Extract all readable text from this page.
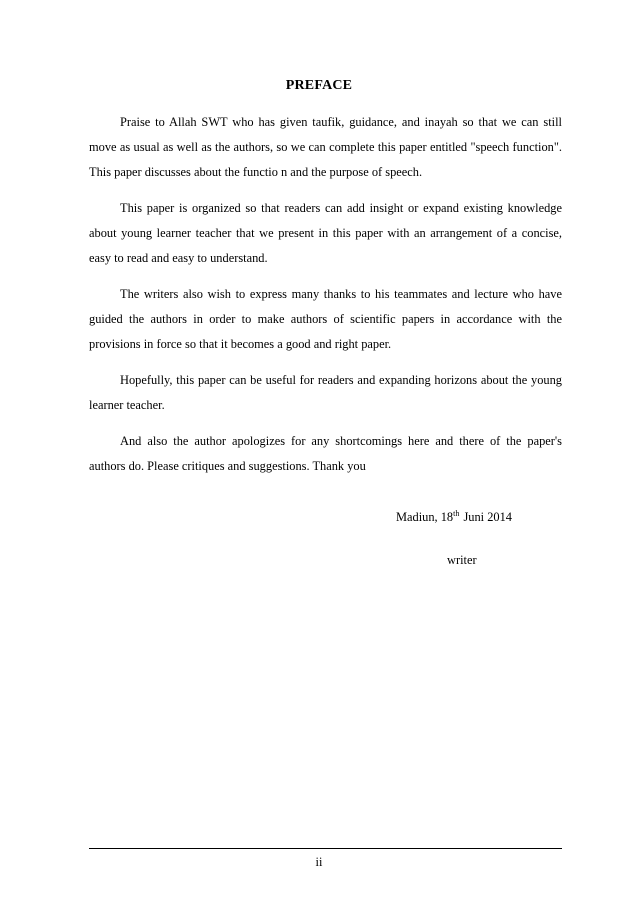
PREFACE

Praise to Allah SWT who has given taufik, guidance, and inayah so that we can still move as usual as well as the authors, so we can complete this paper entitled "speech function". This paper discusses about the functio n and the purpose of speech.

This paper is organized so that readers can add insight or expand existing knowledge about young learner teacher that we present in this paper with an arrangement of a concise, easy to read and easy to understand.

The writers also wish to express many thanks to his teammates and lecture who have guided the authors in order to make authors of scientific papers in accordance with the provisions in force so that it becomes a good and right paper.

Hopefully, this paper can be useful for readers and expanding horizons about the young learner teacher.

And also the author apologizes for any shortcomings here and there of the paper's authors do. Please critiques and suggestions. Thank you

Madiun, 18th Juni 2014
writer
ii
